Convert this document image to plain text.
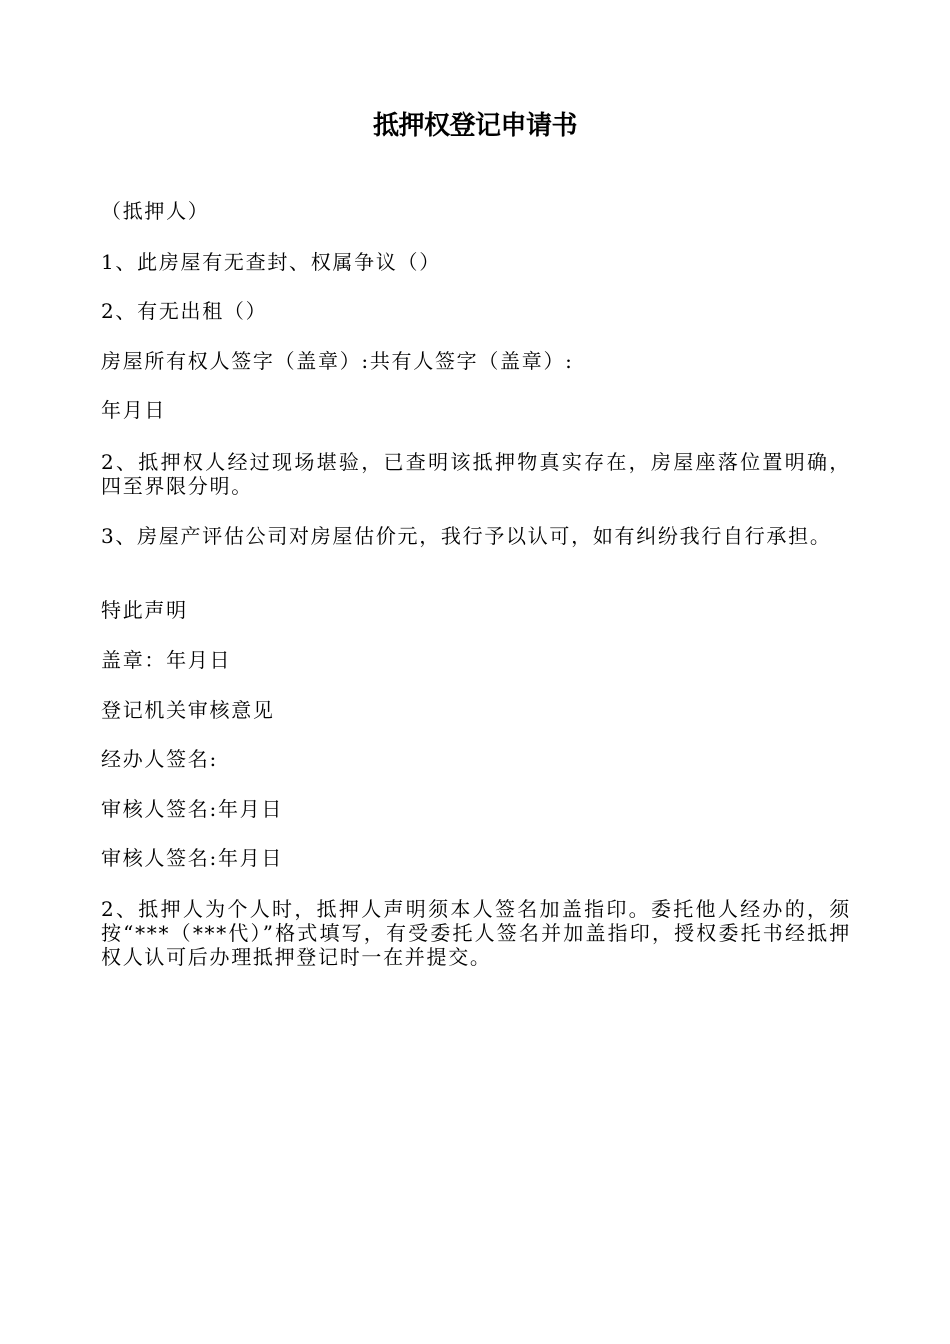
抵押权登记申请书
（抵押人）
1、此房屋有无查封、权属争议（）
2、有无出租（）
房屋所有权人签字（盖章）:共有人签字（盖章）:
年月日
2、抵押权人经过现场堪验，已查明该抵押物真实存在，房屋座落位置明确，四至界限分明。
3、房屋产评估公司对房屋估价元，我行予以认可，如有纠纷我行自行承担。
特此声明
盖章：年月日
登记机关审核意见
经办人签名:
审核人签名:年月日
审核人签名:年月日
2、抵押人为个人时，抵押人声明须本人签名加盖指印。委托他人经办的，须按“***（***代）”格式填写，有受委托人签名并加盖指印，授权委托书经抵押权人认可后办理抵押登记时一在并提交。
